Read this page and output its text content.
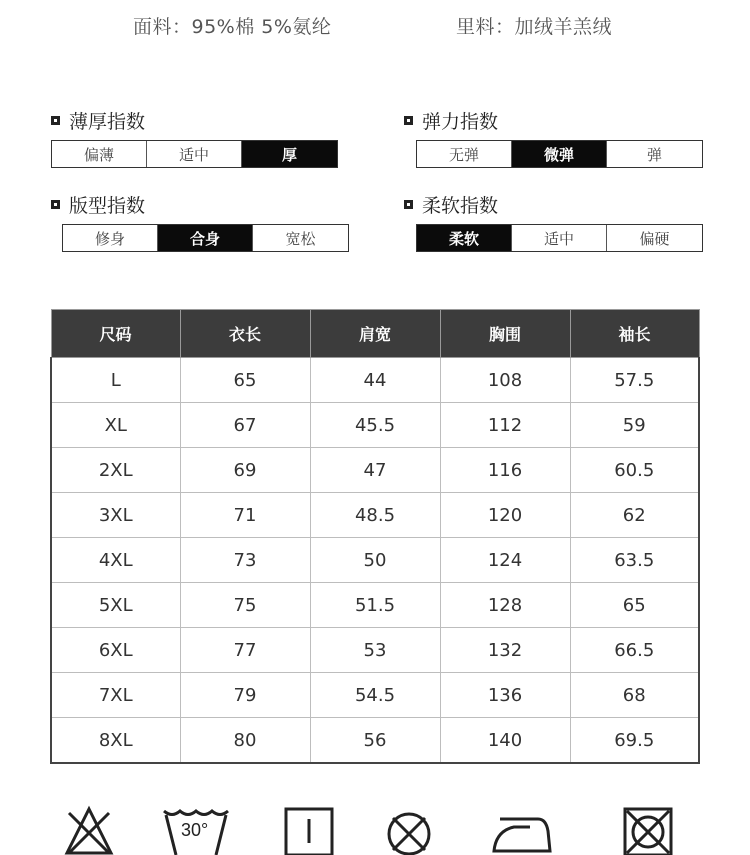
面料：95%棉 5%氨纶	里料：加绒羊羔绒
薄厚指数
偏薄	适中	厚
弹力指数
无弹	微弹	弹
版型指数
修身	合身	宽松
柔软指数
柔软	适中	偏硬
尺码	衣长	肩宽	胸围	袖长
L	65	44	108	57.5
XL	67	45.5	112	59
2XL	69	47	116	60.5
3XL	71	48.5	120	62
4XL	73	50	124	63.5
5XL	75	51.5	128	65
6XL	77	53	132	66.5
7XL	79	54.5	136	68
8XL	80	56	140	69.5
30°
